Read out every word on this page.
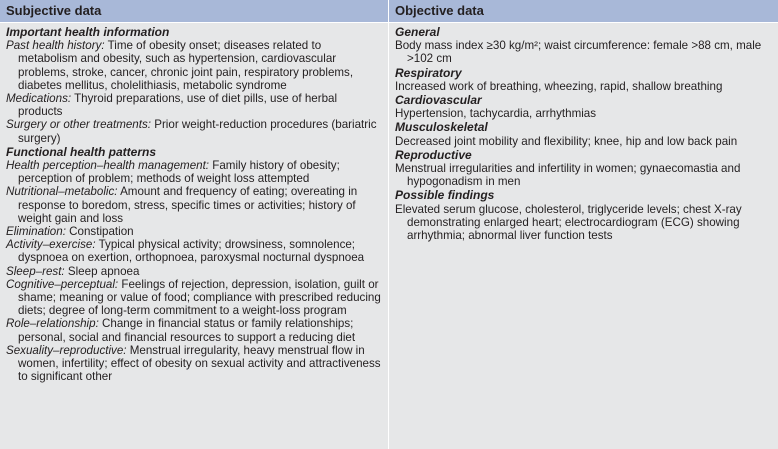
Subjective data
Important health information
Past health history: Time of obesity onset; diseases related to metabolism and obesity, such as hypertension, cardiovascular problems, stroke, cancer, chronic joint pain, respiratory problems, diabetes mellitus, cholelithiasis, metabolic syndrome
Medications: Thyroid preparations, use of diet pills, use of herbal products
Surgery or other treatments: Prior weight-reduction procedures (bariatric surgery)
Functional health patterns
Health perception–health management: Family history of obesity; perception of problem; methods of weight loss attempted
Nutritional–metabolic: Amount and frequency of eating; overeating in response to boredom, stress, specific times or activities; history of weight gain and loss
Elimination: Constipation
Activity–exercise: Typical physical activity; drowsiness, somnolence; dyspnoea on exertion, orthopnoea, paroxysmal nocturnal dyspnoea
Sleep–rest: Sleep apnoea
Cognitive–perceptual: Feelings of rejection, depression, isolation, guilt or shame; meaning or value of food; compliance with prescribed reducing diets; degree of long-term commitment to a weight-loss program
Role–relationship: Change in financial status or family relationships; personal, social and financial resources to support a reducing diet
Sexuality–reproductive: Menstrual irregularity, heavy menstrual flow in women, infertility; effect of obesity on sexual activity and attractiveness to significant other
Objective data
General
Body mass index ≥30 kg/m²; waist circumference: female >88 cm, male >102 cm
Respiratory
Increased work of breathing, wheezing, rapid, shallow breathing
Cardiovascular
Hypertension, tachycardia, arrhythmias
Musculoskeletal
Decreased joint mobility and flexibility; knee, hip and low back pain
Reproductive
Menstrual irregularities and infertility in women; gynaecomastia and hypogonadism in men
Possible findings
Elevated serum glucose, cholesterol, triglyceride levels; chest X-ray demonstrating enlarged heart; electrocardiogram (ECG) showing arrhythmia; abnormal liver function tests
